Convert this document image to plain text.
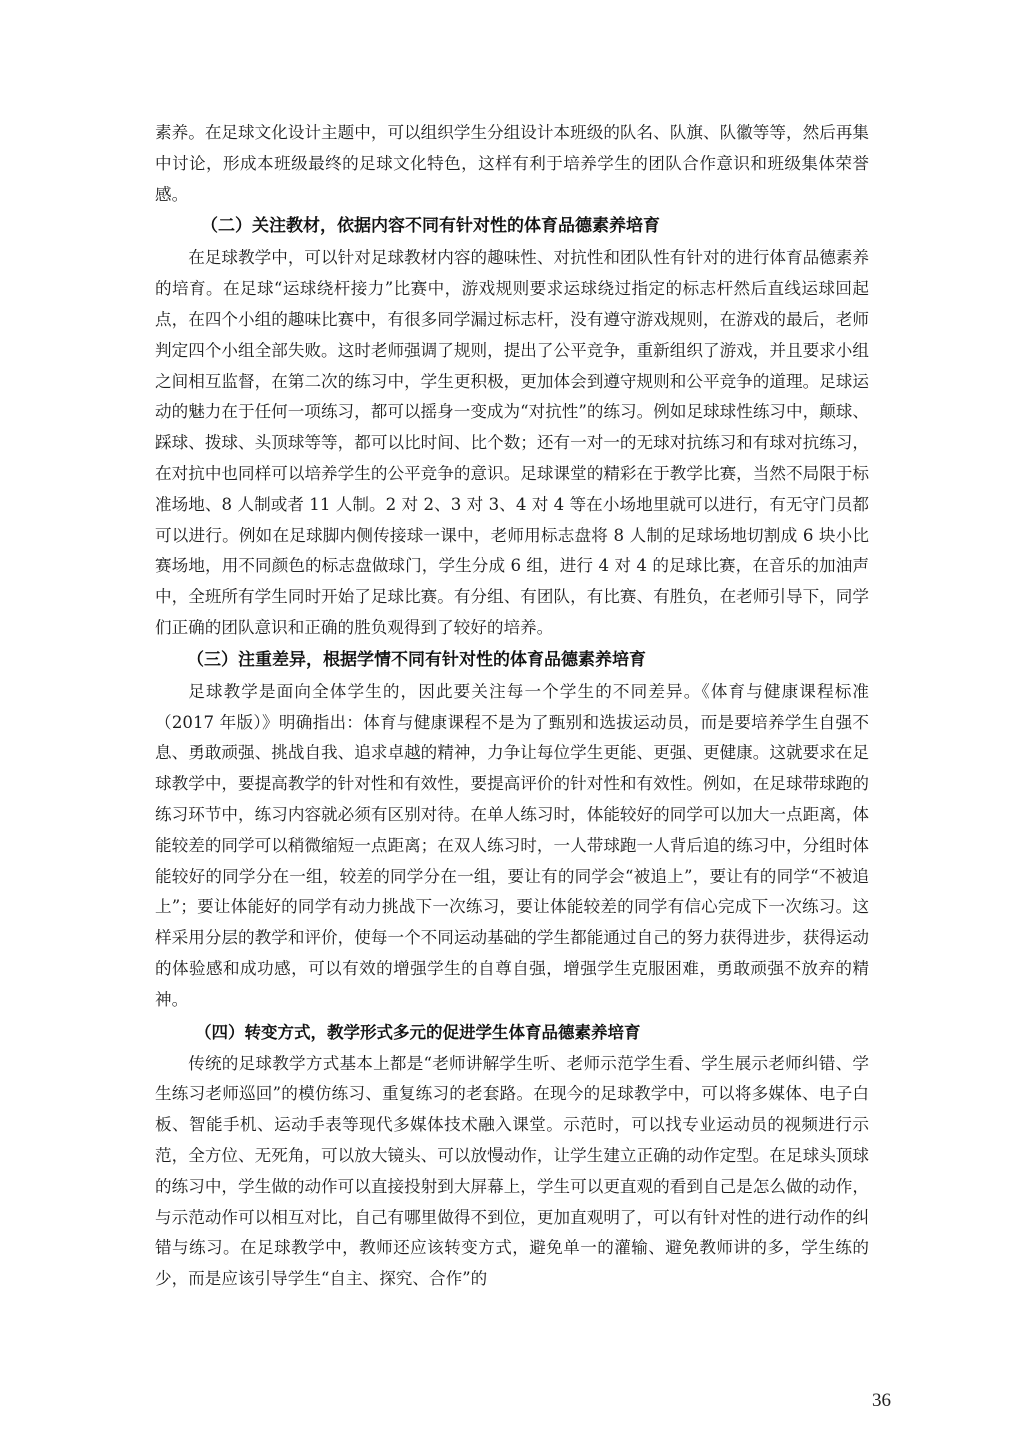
素养。在足球文化设计主题中，可以组织学生分组设计本班级的队名、队旗、队徽等等，然后再集中讨论，形成本班级最终的足球文化特色，这样有利于培养学生的团队合作意识和班级集体荣誉感。

（二）关注教材，依据内容不同有针对性的体育品德素养培育

在足球教学中，可以针对足球教材内容的趣味性、对抗性和团队性有针对的进行体育品德素养的培育。在足球“运球绕杆接力”比赛中，游戏规则要求运球绕过指定的标志杆然后直线运球回起点，在四个小组的趣味比赛中，有很多同学漏过标志杆，没有遵守游戏规则，在游戏的最后，老师判定四个小组全部失败。这时老师强调了规则，提出了公平竞争，重新组织了游戏，并且要求小组之间相互监督，在第二次的练习中，学生更积极，更加体会到遵守规则和公平竞争的道理。足球运动的魅力在于任何一项练习，都可以摇身一变成为“对抗性”的练习。例如足球球性练习中，颠球、踩球、拨球、头顶球等等，都可以比时间、比个数；还有一对一的无球对抗练习和有球对抗练习，在对抗中也同样可以培养学生的公平竞争的意识。足球课堂的精彩在于教学比赛，当然不局限于标准场地、8 人制或者 11 人制。2 对 2、3 对 3、4 对 4 等在小场地里就可以进行，有无守门员都可以进行。例如在足球脚内侧传接球一课中，老师用标志盘将 8 人制的足球场地切割成 6 块小比赛场地，用不同颜色的标志盘做球门，学生分成 6 组，进行 4 对 4 的足球比赛，在音乐的加油声中，全班所有学生同时开始了足球比赛。有分组、有团队，有比赛、有胜负，在老师引导下，同学们正确的团队意识和正确的胜负观得到了较好的培养。

（三）注重差异，根据学情不同有针对性的体育品德素养培育

足球教学是面向全体学生的，因此要关注每一个学生的不同差异。《体育与健康课程标准（2017 年版）》明确指出：体育与健康课程不是为了甄别和选拔运动员，而是要培养学生自强不息、勇敢顽强、挑战自我、追求卓越的精神，力争让每位学生更能、更强、更健康。这就要求在足球教学中，要提高教学的针对性和有效性，要提高评价的针对性和有效性。例如，在足球带球跑的练习环节中，练习内容就必须有区别对待。在单人练习时，体能较好的同学可以加大一点距离，体能较差的同学可以稍微缩短一点距离；在双人练习时，一人带球跑一人背后追的练习中，分组时体能较好的同学分在一组，较差的同学分在一组，要让有的同学会“被追上”，要让有的同学“不被追上”；要让体能好的同学有动力挑战下一次练习，要让体能较差的同学有信心完成下一次练习。这样采用分层的教学和评价，使每一个不同运动基础的学生都能通过自己的努力获得进步，获得运动的体验感和成功感，可以有效的增强学生的自尊自强，增强学生克服困难，勇敢顽强不放弃的精神。

（四）转变方式，教学形式多元的促进学生体育品德素养培育

传统的足球教学方式基本上都是“老师讲解学生听、老师示范学生看、学生展示老师纠错、学生练习老师巡回”的模仿练习、重复练习的老套路。在现今的足球教学中，可以将多媒体、电子白板、智能手机、运动手表等现代多媒体技术融入课堂。示范时，可以找专业运动员的视频进行示范，全方位、无死角，可以放大镜头、可以放慢动作，让学生建立正确的动作定型。在足球头顶球的练习中，学生做的动作可以直接投射到大屏幕上，学生可以更直观的看到自己是怎么做的动作，与示范动作可以相互对比，自己有哪里做得不到位，更加直观明了，可以有针对性的进行动作的纠错与练习。在足球教学中，教师还应该转变方式，避免单一的灌输、避免教师讲的多，学生练的少，而是应该引导学生“自主、探究、合作”的

36
